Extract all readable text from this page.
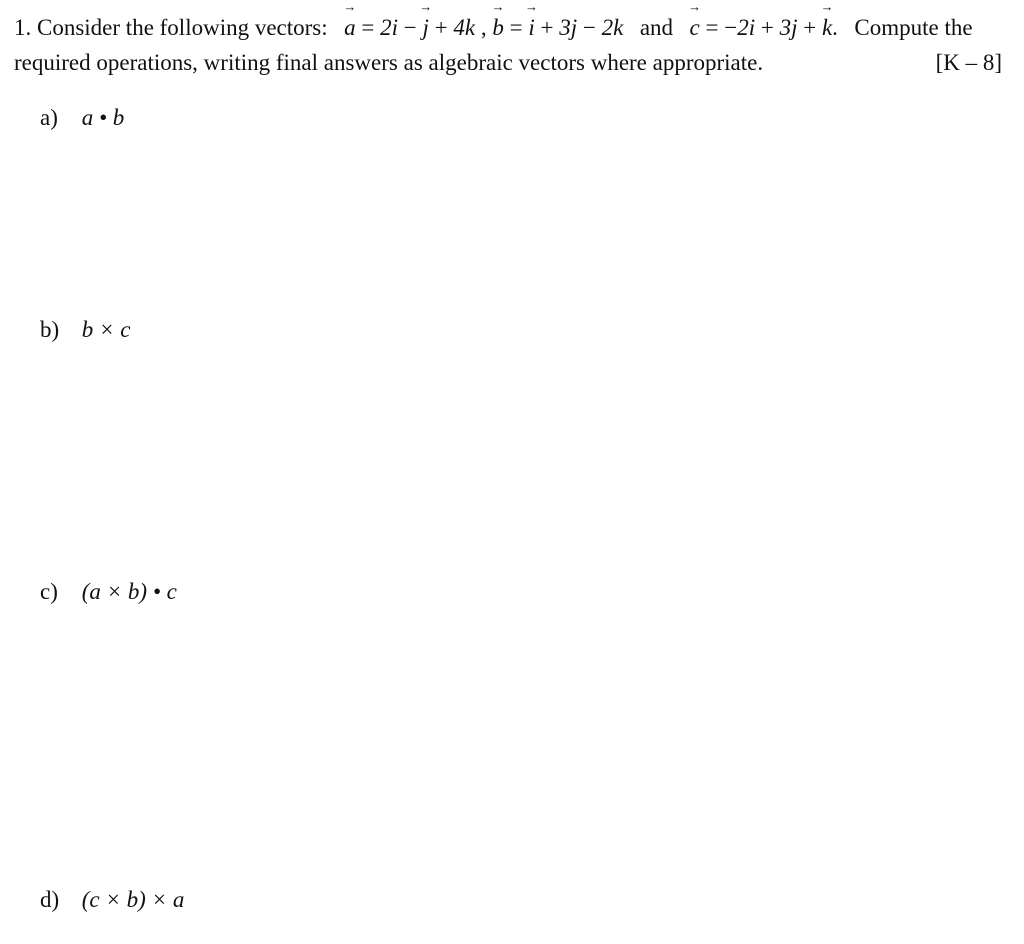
1. Consider the following vectors: → a = 2i − → j + 4k , → b = → i + 3j − 2k and → c = −2i + 3j + → k. Compute the
required operations, writing final answers as algebraic vectors where appropriate.	[K – 8]
a) a • b
b) b × c
c) (a × b) • c
d) (c × b) × a
